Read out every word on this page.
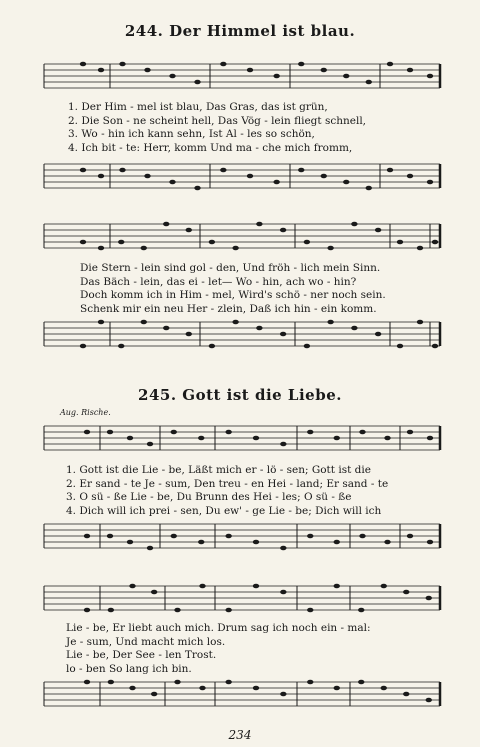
244. Der Himmel ist blau.
1. Der Him - mel ist blau, Das Gras, das ist grün,
2. Die Son - ne scheint hell, Das Vög - lein fliegt schnell,
3. Wo - hin ich kann sehn, Ist Al - les so schön,
4. Ich bit - te: Herr, komm Und ma - che mich fromm,
Die Stern - lein sind gol - den, Und fröh - lich mein Sinn.
Das Bäch - lein, das ei - let— Wo - hin, ach wo - hin?
Doch komm ich in Him - mel, Wird's schö - ner noch sein.
Schenk mir ein neu Her - zlein, Daß ich hin - ein komm.
245. Gott ist die Liebe.
Aug. Rische.
1. Gott ist die Lie - be, Läßt mich er - lö - sen; Gott ist die
2. Er sand - te Je - sum, Den treu - en Hei - land; Er sand - te
3. O sü - ße Lie - be, Du Brunn des Hei - les; O sü - ße
4. Dich will ich prei - sen, Du ew' - ge Lie - be; Dich will ich
Lie - be, Er liebt auch mich. Drum sag ich noch ein - mal:
Je - sum, Und macht mich los.
Lie - be, Der See - len Trost.
lo - ben So lang ich bin.
234
